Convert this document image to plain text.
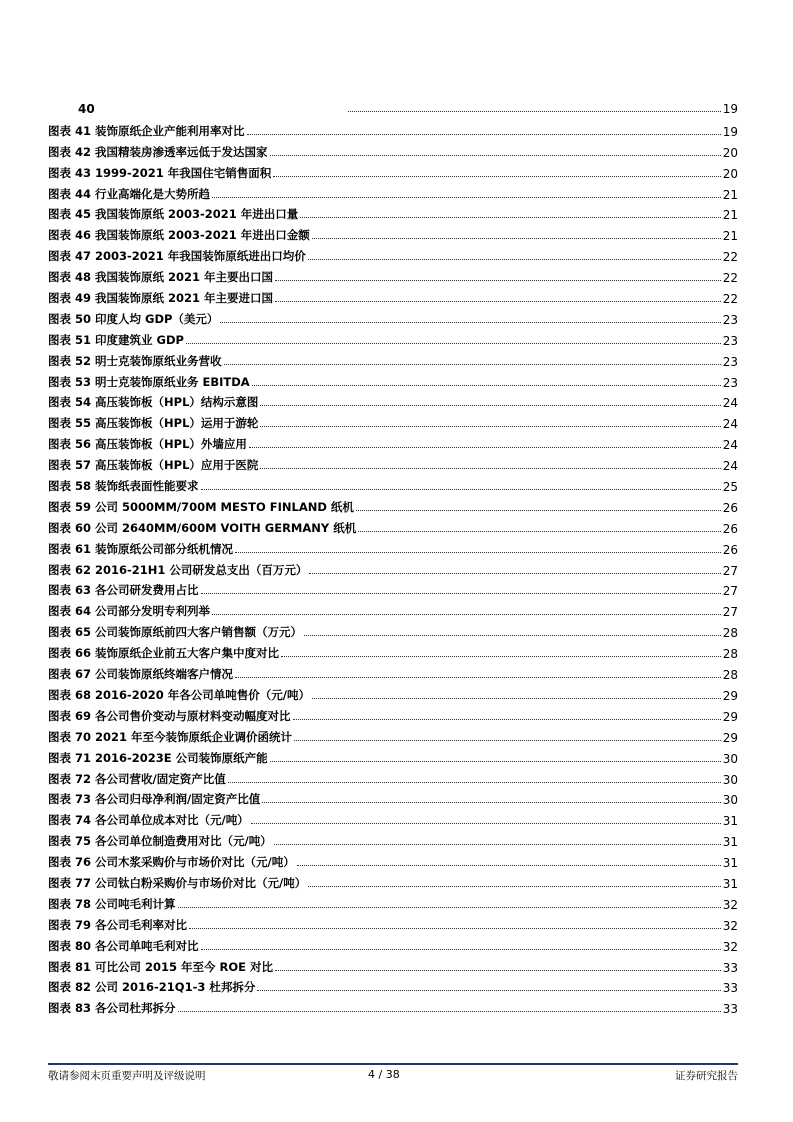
40	19
图表 41 装饰原纸企业产能利用率对比	19
图表 42 我国精装房渗透率远低于发达国家	20
图表 43 1999-2021 年我国住宅销售面积	20
图表 44 行业高端化是大势所趋	21
图表 45 我国装饰原纸 2003-2021 年进出口量	21
图表 46 我国装饰原纸 2003-2021 年进出口金额	21
图表 47 2003-2021 年我国装饰原纸进出口均价	22
图表 48 我国装饰原纸 2021 年主要出口国	22
图表 49 我国装饰原纸 2021 年主要进口国	22
图表 50 印度人均 GDP（美元）	23
图表 51 印度建筑业 GDP	23
图表 52 明士克装饰原纸业务营收	23
图表 53 明士克装饰原纸业务 EBITDA	23
图表 54 高压装饰板（HPL）结构示意图	24
图表 55 高压装饰板（HPL）运用于游轮	24
图表 56 高压装饰板（HPL）外墙应用	24
图表 57 高压装饰板（HPL）应用于医院	24
图表 58 装饰纸表面性能要求	25
图表 59 公司 5000MM/700M MESTO FINLAND 纸机	26
图表 60 公司 2640MM/600M VOITH GERMANY 纸机	26
图表 61 装饰原纸公司部分纸机情况	26
图表 62 2016-21H1 公司研发总支出（百万元）	27
图表 63 各公司研发费用占比	27
图表 64 公司部分发明专利列举	27
图表 65 公司装饰原纸前四大客户销售额（万元）	28
图表 66 装饰原纸企业前五大客户集中度对比	28
图表 67 公司装饰原纸终端客户情况	28
图表 68 2016-2020 年各公司单吨售价（元/吨）	29
图表 69 各公司售价变动与原材料变动幅度对比	29
图表 70 2021 年至今装饰原纸企业调价函统计	29
图表 71 2016-2023E 公司装饰原纸产能	30
图表 72 各公司营收/固定资产比值	30
图表 73 各公司归母净利润/固定资产比值	30
图表 74 各公司单位成本对比（元/吨）	31
图表 75 各公司单位制造费用对比（元/吨）	31
图表 76 公司木浆采购价与市场价对比（元/吨）	31
图表 77 公司钛白粉采购价与市场价对比（元/吨）	31
图表 78 公司吨毛利计算	32
图表 79 各公司毛利率对比	32
图表 80 各公司单吨毛利对比	32
图表 81 可比公司 2015 年至今 ROE 对比	33
图表 82 公司 2016-21Q1-3 杜邦拆分	33
图表 83 各公司杜邦拆分	33
敬请参阅末页重要声明及评级说明	4 / 38	证券研究报告
